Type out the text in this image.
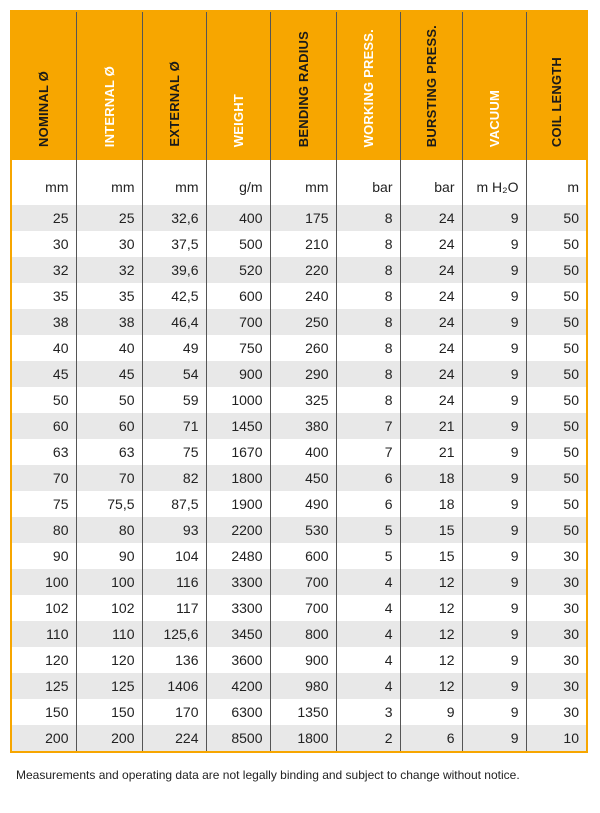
NOMINAL Ø	INTERNAL Ø	EXTERNAL Ø	WEIGHT	BENDING RADIUS	WORKING PRESS.	BURSTING PRESS.	VACUUM	COIL LENGTH
mm	mm	mm	g/m	mm	bar	bar	m H₂O	m
25	25	32,6	400	175	8	24	9	50
30	30	37,5	500	210	8	24	9	50
32	32	39,6	520	220	8	24	9	50
35	35	42,5	600	240	8	24	9	50
38	38	46,4	700	250	8	24	9	50
40	40	49	750	260	8	24	9	50
45	45	54	900	290	8	24	9	50
50	50	59	1000	325	8	24	9	50
60	60	71	1450	380	7	21	9	50
63	63	75	1670	400	7	21	9	50
70	70	82	1800	450	6	18	9	50
75	75,5	87,5	1900	490	6	18	9	50
80	80	93	2200	530	5	15	9	50
90	90	104	2480	600	5	15	9	30
100	100	116	3300	700	4	12	9	30
102	102	117	3300	700	4	12	9	30
110	110	125,6	3450	800	4	12	9	30
120	120	136	3600	900	4	12	9	30
125	125	1406	4200	980	4	12	9	30
150	150	170	6300	1350	3	9	9	30
200	200	224	8500	1800	2	6	9	10
Measurements and operating data are not legally binding and subject to change without notice.
